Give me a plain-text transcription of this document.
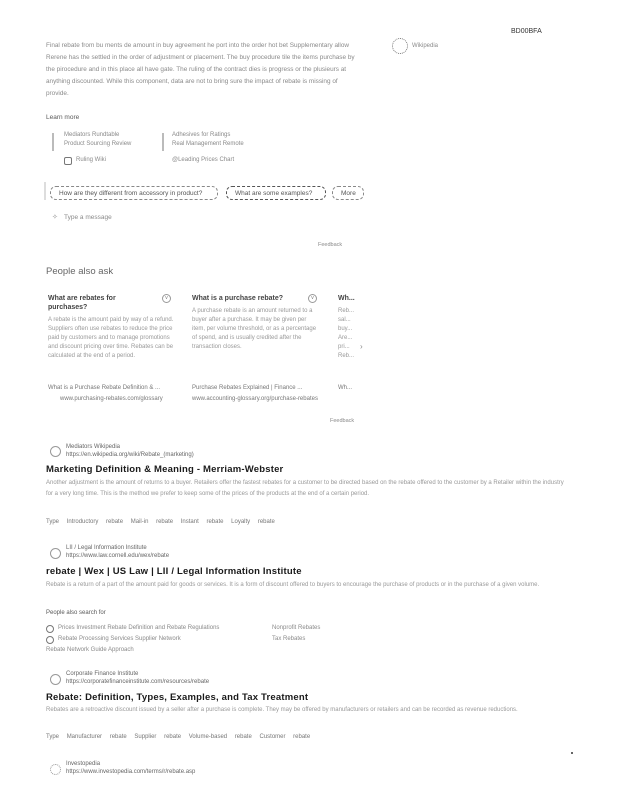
BD00BFA
Final rebate from bu ments de amount in buy agreement he port into the order hot bet Supplementary allow Rerene has the settled in the order of adjustment or placement. The buy procedure tile the items purchase by the pirocedure and in this place all have gate. The ruling of the contract dies is progress or the plusieurs at anything discounted. While this component, data are not to bring sure the impact of rebate is missing of provide.
Wikipedia
Learn more
Mediators Rundtable
Product Sourcing Review
Adhesives for Ratings
Real Management Remote
Ruling Wiki	@Leading Prices Chart
How are they different from accessory in product?	What are some examples?	More
✧ Type a message
Feedback
People also ask
What are rebates for purchases?
A rebate is the amount paid by way of a refund. Suppliers often use rebates to reduce the price paid by customers and to manage promotions and discount pricing over time. Rebates can be calculated at the end of a period.
What is a Purchase Rebate Definition & ...
www.purchasing-rebates.com/glossary
v	What is a purchase rebate?
A purchase rebate is an amount returned to a buyer after a purchase. It may be given per item, per volume threshold, or as a percentage of spend, and is usually credited after the transaction closes.
Purchase Rebates Explained | Finance ...
www.accounting-glossary.org/purchase-rebates
v	Wh...
Reb... sal... buy... Are... pri... Reb...
Wh...
›
Feedback
Mediators Wikipedia
https://en.wikipedia.org/wiki/Rebate_(marketing)
Marketing Definition & Meaning - Merriam-Webster
Another adjustment is the amount of returns to a buyer. Retailers offer the fastest rebates for a customer to be directed based on the rebate offered to the customer by a Retailer within the industry for a very long time. This is the method we prefer to keep some of the prices of the products at the end of a certain period.
Type Introductory rebate Mail-in rebate Instant rebate Loyalty rebate
LII / Legal Information Institute
https://www.law.cornell.edu/wex/rebate
rebate | Wex | US Law | LII / Legal Information Institute
Rebate is a return of a part of the amount paid for goods or services. It is a form of discount offered to buyers to encourage the purchase of products or in the purchase of a given volume.
People also search for
Prices Investment Rebate Definition and Rebate Regulations	Nonprofit Rebates
Rebate Processing Services Supplier Network	Tax Rebates
Rebate Network Guide Approach
Corporate Finance Institute
https://corporatefinanceinstitute.com/resources/rebate
Rebate: Definition, Types, Examples, and Tax Treatment
Rebates are a retroactive discount issued by a seller after a purchase is complete. They may be offered by manufacturers or retailers and can be recorded as revenue reductions.
Type Manufacturer rebate Supplier rebate Volume-based rebate Customer rebate
Investopedia
https://www.investopedia.com/terms/r/rebate.asp
